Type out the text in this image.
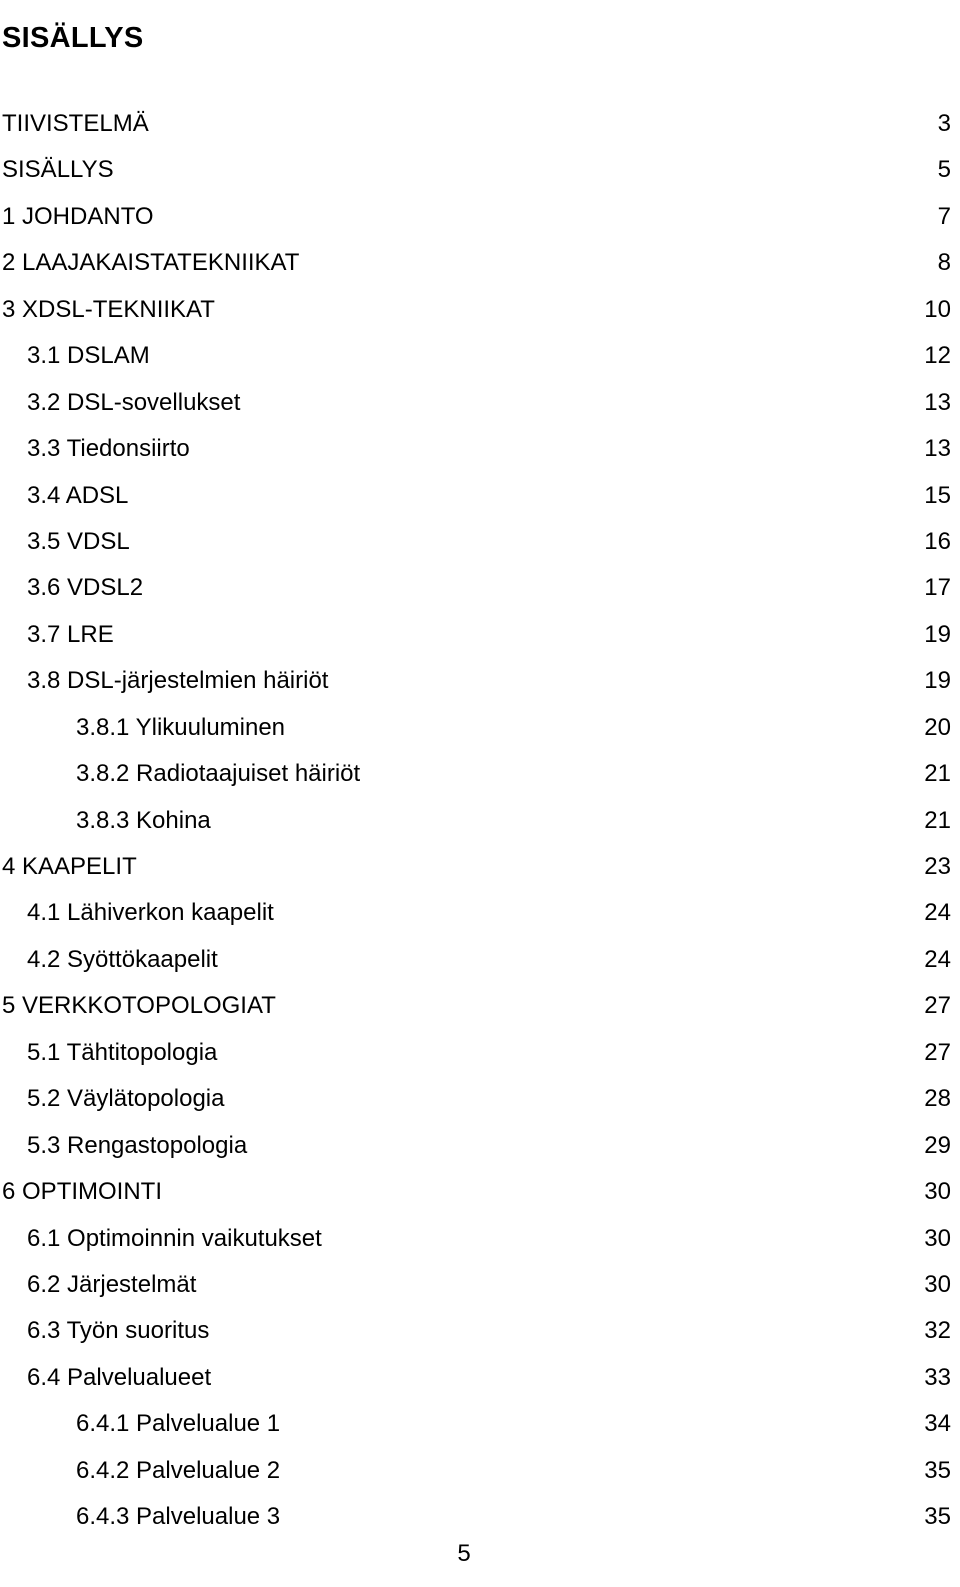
SISÄLLYS
TIIVISTELMÄ	3
SISÄLLYS	5
1 JOHDANTO	7
2 LAAJAKAISTATEKNIIKAT	8
3 XDSL-TEKNIIKAT	10
3.1 DSLAM	12
3.2 DSL-sovellukset	13
3.3 Tiedonsiirto	13
3.4 ADSL	15
3.5 VDSL	16
3.6 VDSL2	17
3.7 LRE	19
3.8 DSL-järjestelmien häiriöt	19
3.8.1 Ylikuuluminen	20
3.8.2 Radiotaajuiset häiriöt	21
3.8.3 Kohina	21
4 KAAPELIT	23
4.1 Lähiverkon kaapelit	24
4.2 Syöttökaapelit	24
5 VERKKOTOPOLOGIAT	27
5.1 Tähtitopologia	27
5.2 Väylätopologia	28
5.3 Rengastopologia	29
6 OPTIMOINTI	30
6.1 Optimoinnin vaikutukset	30
6.2 Järjestelmät	30
6.3 Työn suoritus	32
6.4 Palvelualueet	33
6.4.1 Palvelualue 1	34
6.4.2 Palvelualue 2	35
6.4.3 Palvelualue 3	35
5
